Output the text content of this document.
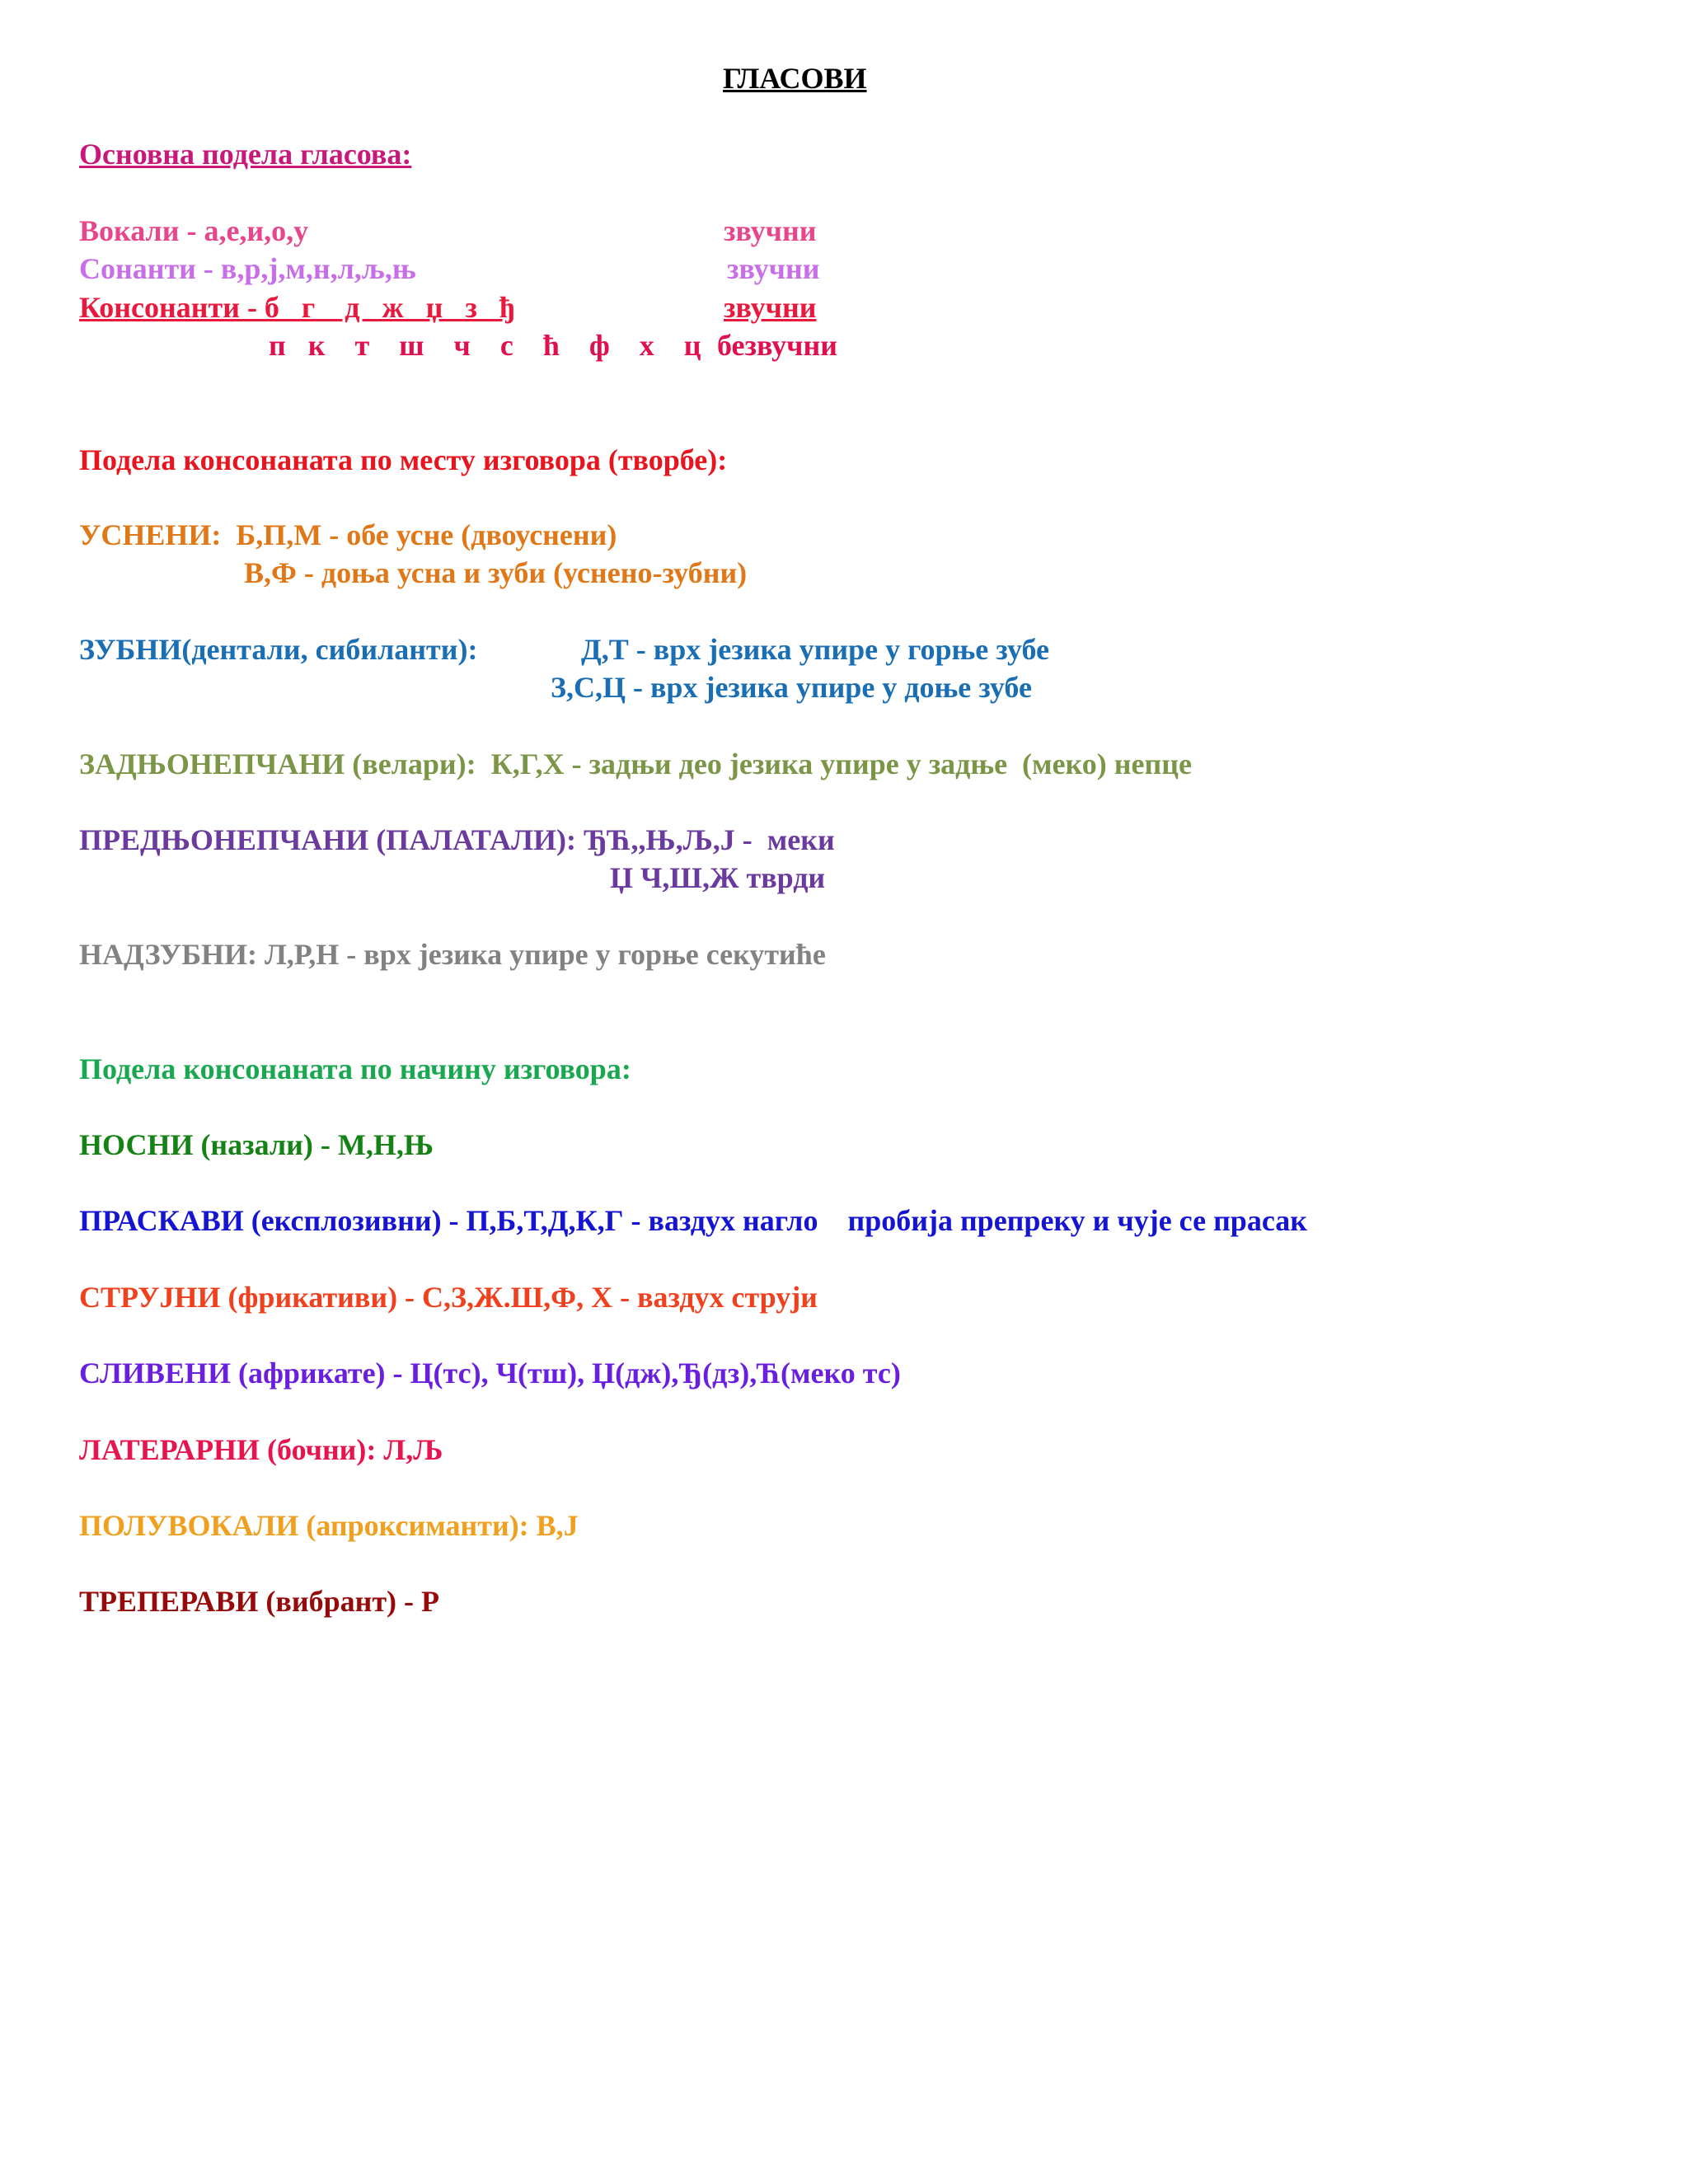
ГЛАСОВИ

Основна подела гласова:

Вокали - а,е,и,о,у	звучни

Сонанти - в,р,ј,м,н,л,љ,њ	звучни

Консонанти - б   г    д   ж   џ   з   ђ	звучни

п   к    т    ш    ч    с    ћ    ф    х    ц безвучни

Подела консонаната по месту изговора (творбе):

УСНЕНИ:  Б,П,М - обе усне (двоуснени)

В,Ф - доња усна и зуби (уснено-зубни)

ЗУБНИ(дентали, сибиланти):	Д,Т - врх језика упире у горње зубе

З,С,Ц - врх језика упире у доње зубе

ЗАДЊОНЕПЧАНИ (велари):  К,Г,Х - задњи део језика упире у задње  (меко) непце

ПРЕДЊОНЕПЧАНИ (ПАЛАТАЛИ): ЂЋ,,Њ,Љ,Ј -  меки

Џ Ч,Ш,Ж тврди

НАДЗУБНИ: Л,Р,Н - врх језика упире у горње секутиће

Подела консонаната по начину изговора:

НОСНИ (назали) - М,Н,Њ

ПРАСКАВИ (експлозивни) - П,Б,Т,Д,К,Г - ваздух нагло    пробија препреку и чује се прасак

СТРУЈНИ (фрикативи) - С,З,Ж.Ш,Ф, Х - ваздух струји

СЛИВЕНИ (африкате) - Ц(тс), Ч(тш), Џ(дж),Ђ(дз),Ћ(меко тс)

ЛАТЕРАРНИ (бочни): Л,Љ

ПОЛУВОКАЛИ (апроксиманти): В,Ј

ТРЕПЕРАВИ (вибрант) - Р
